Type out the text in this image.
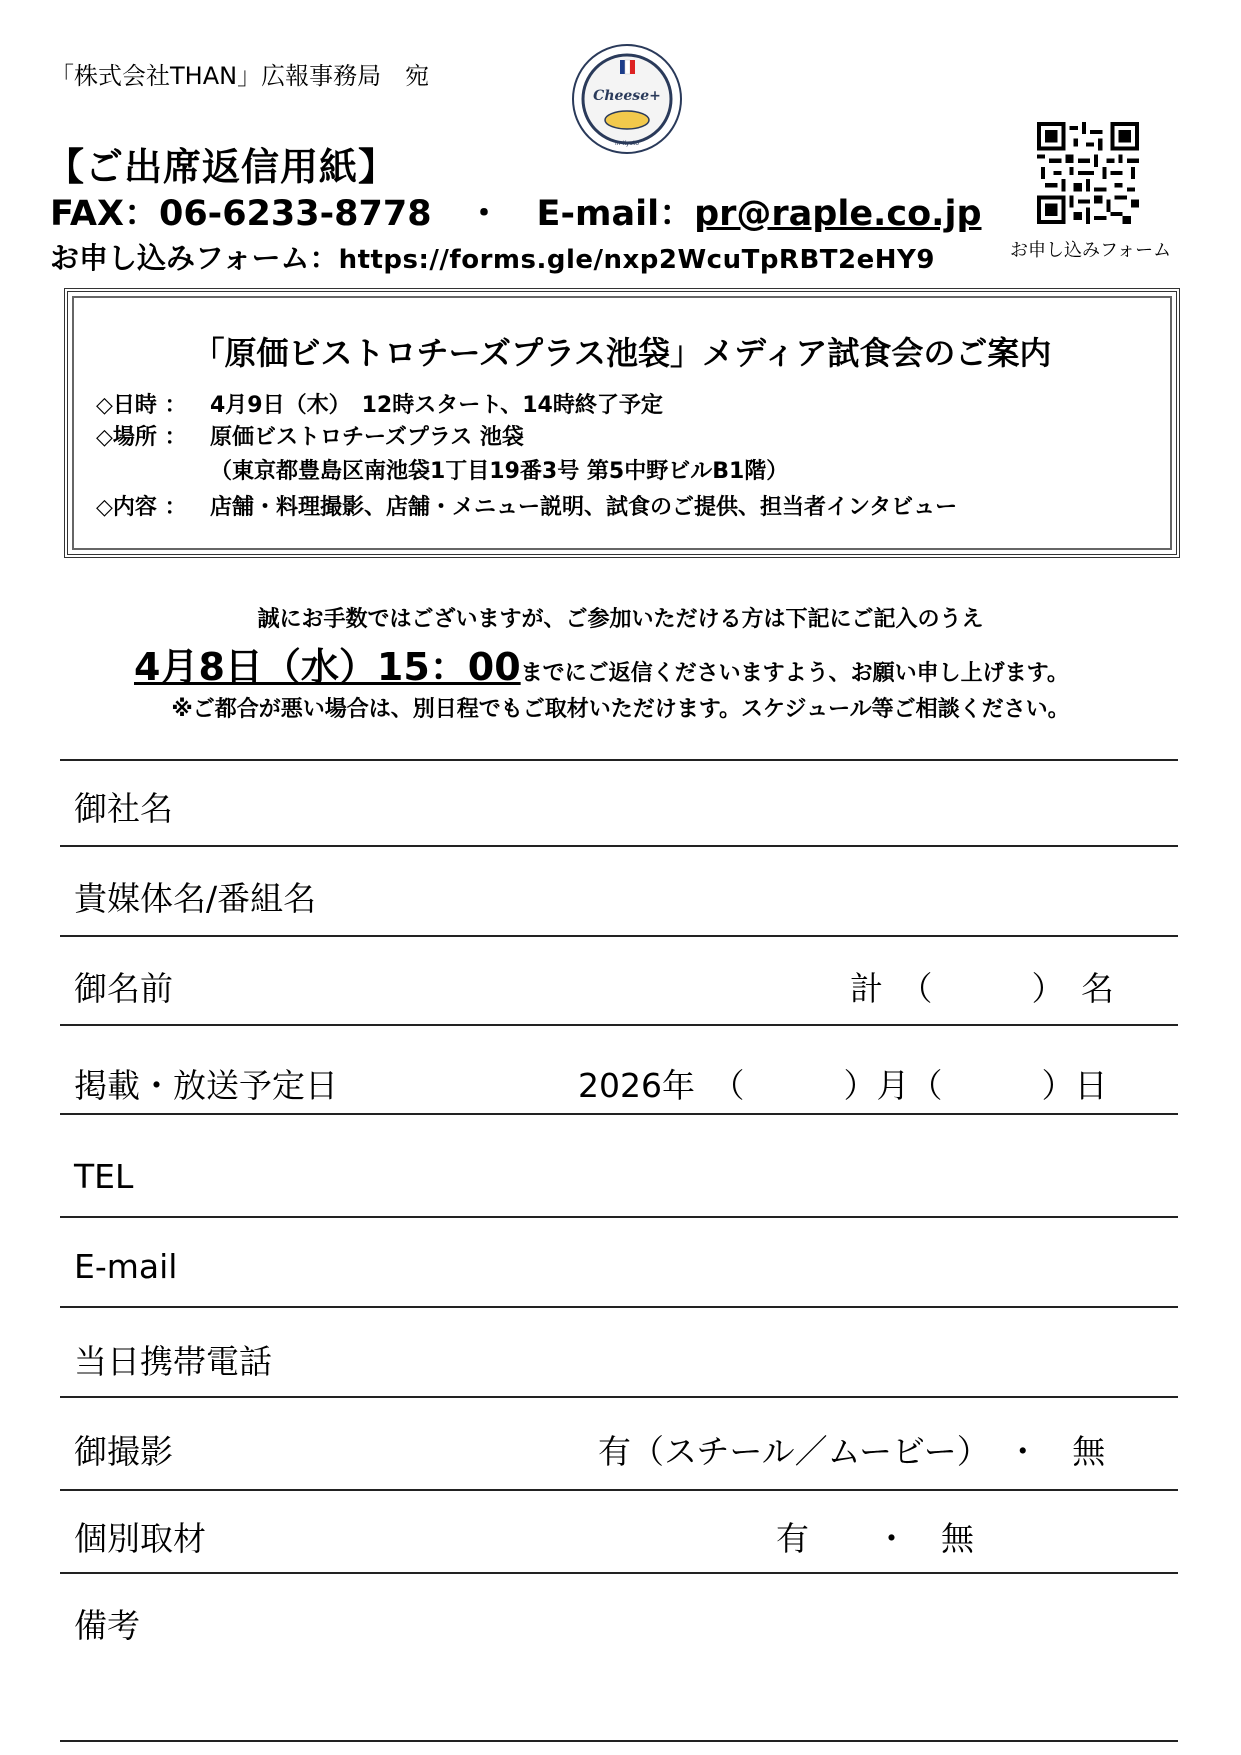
「株式会社THAN」広報事務局　宛
Cheese+
in Kyoto
【ご出席返信用紙】
FAX：06-6233-8778　・　E-mail：pr@raple.co.jp
お申し込みフォーム：https://forms.gle/nxp2WcuTpRBT2eHY9	お申し込みフォーム
「原価ビストロチーズプラス池袋」メディア試食会のご案内
◇日時 ： 4月9日（木）　12時スタート、14時終了予定
◇場所 ： 原価ビストロチーズプラス 池袋
（東京都豊島区南池袋1丁目19番3号 第5中野ビルB1階）
◇内容 ： 店舗・料理撮影、店舗・メニュー説明、試食のご提供、担当者インタビュー
誠にお手数ではございますが、ご参加いただける方は下記にご記入のうえ
4月8日（水）15：00までにご返信くださいますよう、お願い申し上げます。
※ご都合が悪い場合は、別日程でもご取材いただけます。スケジュール等ご相談ください。
御社名
貴媒体名/番組名
御名前	計　（　　　）　名
掲載・放送予定日	2026年　（　　　）月（　　　）日
TEL
E-mail
当日携帯電話
御撮影	有（スチール／ムービー）　・　無
個別取材	有　　・　無
備考
